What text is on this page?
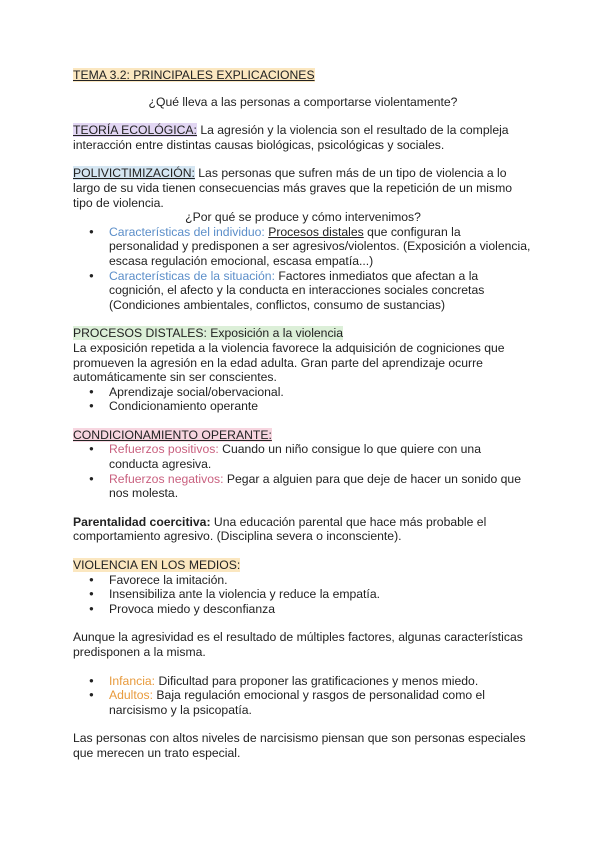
TEMA 3.2: PRINCIPALES EXPLICACIONES
¿Qué lleva a las personas a comportarse violentamente?
TEORÍA ECOLÓGICA: La agresión y la violencia son el resultado de la compleja interacción entre distintas causas biológicas, psicológicas y sociales.
POLIVICTIMIZACIÓN: Las personas que sufren más de un tipo de violencia a lo largo de su vida tienen consecuencias más graves que la repetición de un mismo tipo de violencia.
¿Por qué se produce y cómo intervenimos?
● Características del individuo: Procesos distales que configuran la personalidad y predisponen a ser agresivos/violentos. (Exposición a violencia, escasa regulación emocional, escasa empatía...)
● Características de la situación: Factores inmediatos que afectan a la cognición, el afecto y la conducta en interacciones sociales concretas (Condiciones ambientales, conflictos, consumo de sustancias)
PROCESOS DISTALES: Exposición a la violencia
La exposición repetida a la violencia favorece la adquisición de cogniciones que promueven la agresión en la edad adulta. Gran parte del aprendizaje ocurre automáticamente sin ser conscientes.
● Aprendizaje social/obervacional.
● Condicionamiento operante
CONDICIONAMIENTO OPERANTE:
● Refuerzos positivos: Cuando un niño consigue lo que quiere con una conducta agresiva.
● Refuerzos negativos: Pegar a alguien para que deje de hacer un sonido que nos molesta.
Parentalidad coercitiva: Una educación parental que hace más probable el comportamiento agresivo. (Disciplina severa o inconsciente).
VIOLENCIA EN LOS MEDIOS:
● Favorece la imitación.
● Insensibiliza ante la violencia y reduce la empatía.
● Provoca miedo y desconfianza
Aunque la agresividad es el resultado de múltiples factores, algunas características predisponen a la misma.
● Infancia: Dificultad para proponer las gratificaciones y menos miedo.
● Adultos: Baja regulación emocional y rasgos de personalidad como el narcisismo y la psicopatía.
Las personas con altos niveles de narcisismo piensan que son personas especiales que merecen un trato especial.
